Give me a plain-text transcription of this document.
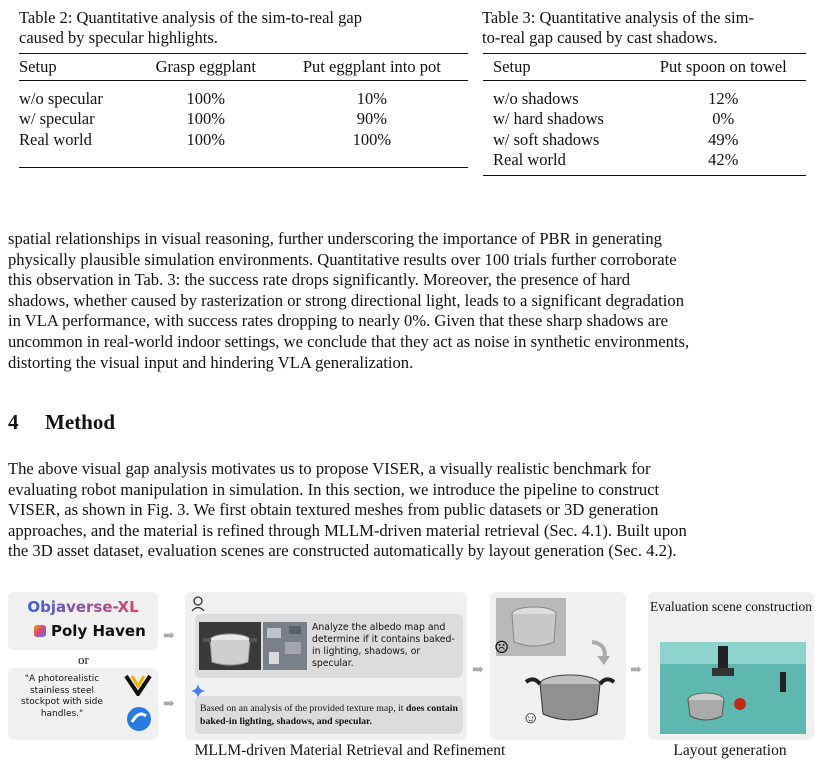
Table 2: Quantitative analysis of the sim-to-real gap
caused by specular highlights.
Setup	Grasp eggplant	Put eggplant into pot
w/o specular	100%	10%
w/ specular	100%	90%
Real world	100%	100%
Table 3: Quantitative analysis of the sim-
to-real gap caused by cast shadows.
Setup	Put spoon on towel
w/o shadows	12%
w/ hard shadows	0%
w/ soft shadows	49%
Real world	42%
spatial relationships in visual reasoning, further underscoring the importance of PBR in generating
physically plausible simulation environments. Quantitative results over 100 trials further corroborate
this observation in Tab. 3: the success rate drops significantly. Moreover, the presence of hard
shadows, whether caused by rasterization or strong directional light, leads to a significant degradation
in VLA performance, with success rates dropping to nearly 0%. Given that these sharp shadows are
uncommon in real-world indoor settings, we conclude that they act as noise in synthetic environments,
distorting the visual input and hindering VLA generalization.
4 Method
The above visual gap analysis motivates us to propose VISER, a visually realistic benchmark for
evaluating robot manipulation in simulation. In this section, we introduce the pipeline to construct
VISER, as shown in Fig. 3. We first obtain textured meshes from public datasets or 3D generation
approaches, and the material is refined through MLLM-driven material retrieval (Sec. 4.1). Built upon
the 3D asset dataset, evaluation scenes are constructed automatically by layout generation (Sec. 4.2).
Objaverse-XL
Poly Haven
or
"A photorealistic stainless steel stockpot with side handles."
➡
➡
Analyze the albedo map and determine if it contains baked-in lighting, shadows, or specular.
Based on an analysis of the provided texture map, it does contain baked-in lighting, shadows, and specular.
➡
☹
☺
➡
Evaluation scene construction
MLLM-driven Material Retrieval and Refinement	Layout generation
